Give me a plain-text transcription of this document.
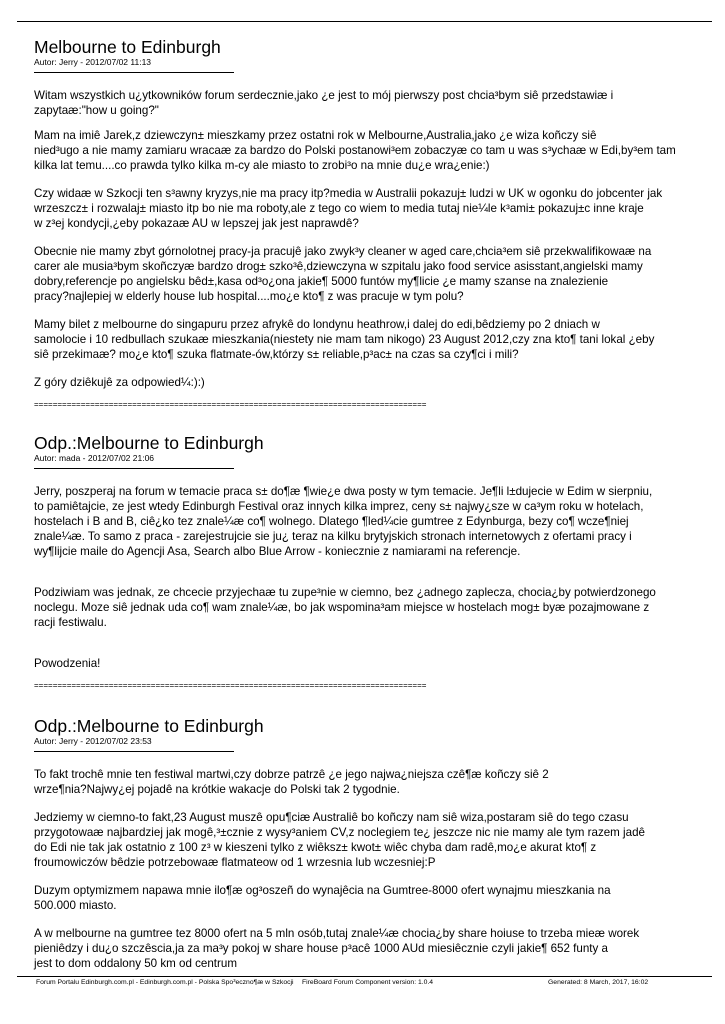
Melbourne to Edinburgh

Autor: Jerry - 2012/07/02 11:13

Witam wszystkich u¿ytkowników forum serdecznie,jako ¿e jest to mój pierwszy post chcia³bym siê przedstawiæ i
zapytaæ:"how u going?"

Mam na imiê Jarek,z dziewczyn± mieszkamy przez ostatni rok w Melbourne,Australia,jako ¿e wiza koñczy siê
nied³ugo a nie mamy zamiaru wracaæ za bardzo do Polski postanowi³em zobaczyæ co tam u was s³ychaæ w Edi,by³em tam
kilka lat temu....co prawda tylko kilka m-cy ale miasto to zrobi³o na mnie du¿e wra¿enie:)

Czy widaæ w Szkocji ten s³awny kryzys,nie ma pracy itp?media w Australii pokazuj± ludzi w UK w ogonku do jobcenter jak
wrzeszcz± i rozwalaj± miasto itp bo nie ma roboty,ale z tego co wiem to media tutaj nie¼le k³ami± pokazuj±c inne kraje
w z³ej kondycji,¿eby pokazaæ AU w lepszej jak jest naprawdê?

Obecnie nie mamy zbyt górnolotnej pracy-ja pracujê jako zwyk³y cleaner w aged care,chcia³em siê przekwalifikowaæ na
carer ale musia³bym skoñczyæ bardzo drog± szko³ê,dziewczyna w szpitalu jako food service asisstant,angielski mamy
dobry,referencje po angielsku bêd±,kasa od³o¿ona jakie¶ 5000 funtów my¶licie ¿e mamy szanse na znalezienie
pracy?najlepiej w elderly house lub hospital....mo¿e kto¶ z was pracuje w tym polu?

Mamy bilet z melbourne do singapuru przez afrykê do londynu heathrow,i dalej do edi,bêdziemy po 2 dniach w
samolocie i 10 redbullach szukaæ mieszkania(niestety nie mam tam nikogo) 23 August 2012,czy zna kto¶ tani lokal ¿eby
siê przekimaæ? mo¿e kto¶ szuka flatmate-ów,którzy s± reliable,p³ac± na czas sa czy¶ci i mili?

Z góry dziêkujê za odpowied¼:):)

====================================================================================

Odp.:Melbourne to Edinburgh

Autor: mada - 2012/07/02 21:06

Jerry, poszperaj na forum w temacie praca s± do¶æ ¶wie¿e dwa posty w tym temacie. Je¶li l±dujecie w Edim w sierpniu,
to pamiêtajcie, ze jest wtedy Edinburgh Festival oraz innych kilka imprez, ceny s± najwy¿sze w ca³ym roku w hotelach,
hostelach i B and B, ciê¿ko tez znale¼æ co¶ wolnego. Dlatego ¶led¼cie gumtree z Edynburga, bezy co¶ wcze¶niej
znale¼æ. To samo z praca - zarejestrujcie sie ju¿ teraz na kilku brytyjskich stronach internetowych z ofertami pracy i
wy¶lijcie maile do Agencji Asa, Search albo Blue Arrow - koniecznie z namiarami na referencje.

Podziwiam was jednak, ze chcecie przyjechaæ tu zupe³nie w ciemno, bez ¿adnego zaplecza, chocia¿by potwierdzonego
noclegu. Moze siê jednak uda co¶ wam znale¼æ, bo jak wspomina³am miejsce w hostelach mog± byæ pozajmowane z
racji festiwalu.

Powodzenia!

====================================================================================

Odp.:Melbourne to Edinburgh

Autor: Jerry - 2012/07/02 23:53

To fakt trochê mnie ten festiwal martwi,czy dobrze patrzê ¿e jego najwa¿niejsza czê¶æ koñczy siê 2
wrze¶nia?Najwy¿ej pojadê na krótkie wakacje do Polski tak 2 tygodnie.

Jedziemy w ciemno-to fakt,23 August muszê opu¶ciæ Australiê bo koñczy nam siê wiza,postaram siê do tego czasu
przygotowaæ najbardziej jak mogê,³±cznie z wysy³aniem CV,z noclegiem te¿ jeszcze nic nie mamy ale tym razem jadê
do Edi nie tak jak ostatnio z 100 z³ w kieszeni tylko z wiêksz± kwot± wiêc chyba dam radê,mo¿e akurat kto¶ z
froumowiczów bêdzie potrzebowaæ flatmateow od 1 wrzesnia lub wczesniej:P

Duzym optymizmem napawa mnie ilo¶æ og³oszeñ do wynajêcia na Gumtree-8000 ofert wynajmu mieszkania na
500.000 miasto.

A w melbourne na gumtree tez 8000 ofert na 5 mln osób,tutaj znale¼æ chocia¿by share hoiuse to trzeba mieæ worek
pieniêdzy i du¿o szczêscia,ja za ma³y pokoj w share house p³acê 1000 AUd miesiêcznie czyli jakie¶ 652 funty a
jest to dom oddalony 50 km od centrum

Forum Portalu Edinburgh.com.pl - Edinburgh.com.pl - Polska Spo³eczno¶æ w Szkocji FireBoard Forum Component version: 1.0.4	Generated: 8 March, 2017, 16:02
